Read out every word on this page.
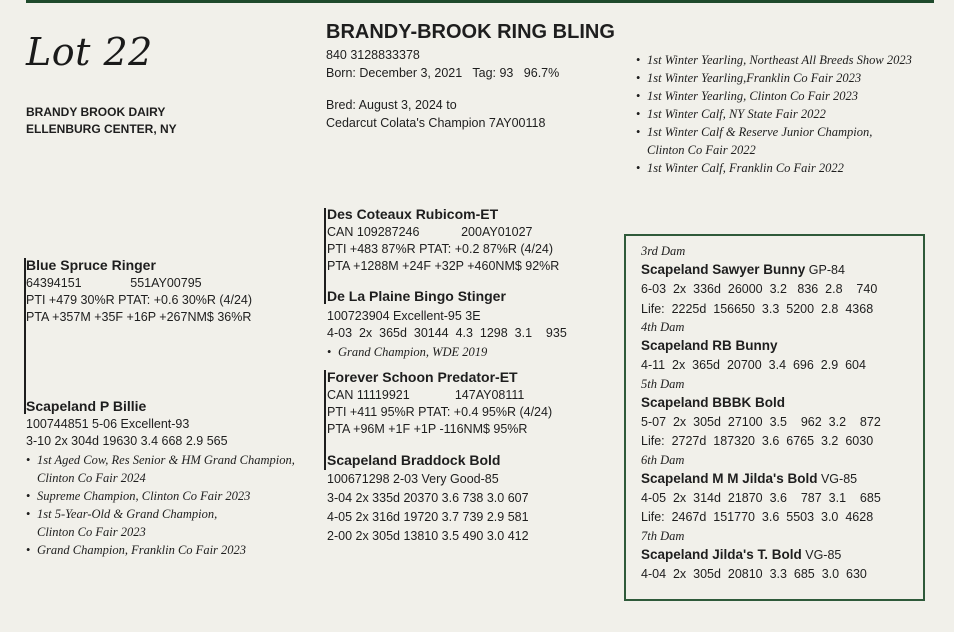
Lot 22
BRANDY BROOK DAIRY
ELLENBURG CENTER, NY
BRANDY-BROOK RING BLING
840 3128833378
Born: December 3, 2021   Tag: 93   96.7%
Bred: August 3, 2024 to
Cedarcut Colata's Champion 7AY00118
• 1st Winter Yearling, Northeast All Breeds Show 2023
• 1st Winter Yearling,Franklin Co Fair 2023
• 1st Winter Yearling, Clinton Co Fair 2023
• 1st Winter Calf, NY State Fair 2022
• 1st Winter Calf & Reserve Junior Champion,
Clinton Co Fair 2022
• 1st Winter Calf, Franklin Co Fair 2022
Blue Spruce Ringer
64394151              551AY00795
PTI +479 30%R PTAT: +0.6 30%R (4/24)
PTA +357M +35F +16P +267NM$ 36%R
Scapeland P Billie
100744851 5-06 Excellent-93
3-10 2x 304d 19630 3.4 668 2.9 565
• 1st Aged Cow, Res Senior & HM Grand Champion,
Clinton Co Fair 2024
• Supreme Champion, Clinton Co Fair 2023
• 1st 5-Year-Old & Grand Champion,
Clinton Co Fair 2023
• Grand Champion, Franklin Co Fair 2023
Des Coteaux Rubicom-ET
CAN 109287246            200AY01027
PTI +483 87%R PTAT: +0.2 87%R (4/24)
PTA +1288M +24F +32P +460NM$ 92%R
De La Plaine Bingo Stinger
100723904 Excellent-95 3E
4-03  2x  365d  30144  4.3  1298  3.1    935
• Grand Champion, WDE 2019
Forever Schoon Predator-ET
CAN 11119921             147AY08111
PTI +411 95%R PTAT: +0.4 95%R (4/24)
PTA +96M +1F +1P -116NM$ 95%R
Scapeland Braddock Bold
100671298 2-03 Very Good-85
3-04 2x 335d 20370 3.6 738 3.0 607
4-05 2x 316d 19720 3.7 739 2.9 581
2-00 2x 305d 13810 3.5 490 3.0 412
3rd Dam
Scapeland Sawyer Bunny GP-84
6-03  2x  336d  26000  3.2   836  2.8    740
Life:  2225d  156650  3.3  5200  2.8  4368
4th Dam
Scapeland RB Bunny
4-11  2x  365d  20700  3.4  696  2.9  604
5th Dam
Scapeland BBBK Bold
5-07  2x  305d  27100  3.5    962  3.2    872
Life:  2727d  187320  3.6  6765  3.2  6030
6th Dam
Scapeland M M Jilda's Bold VG-85
4-05  2x  314d  21870  3.6    787  3.1    685
Life:  2467d  151770  3.6  5503  3.0  4628
7th Dam
Scapeland Jilda's T. Bold VG-85
4-04  2x  305d  20810  3.3  685  3.0  630
